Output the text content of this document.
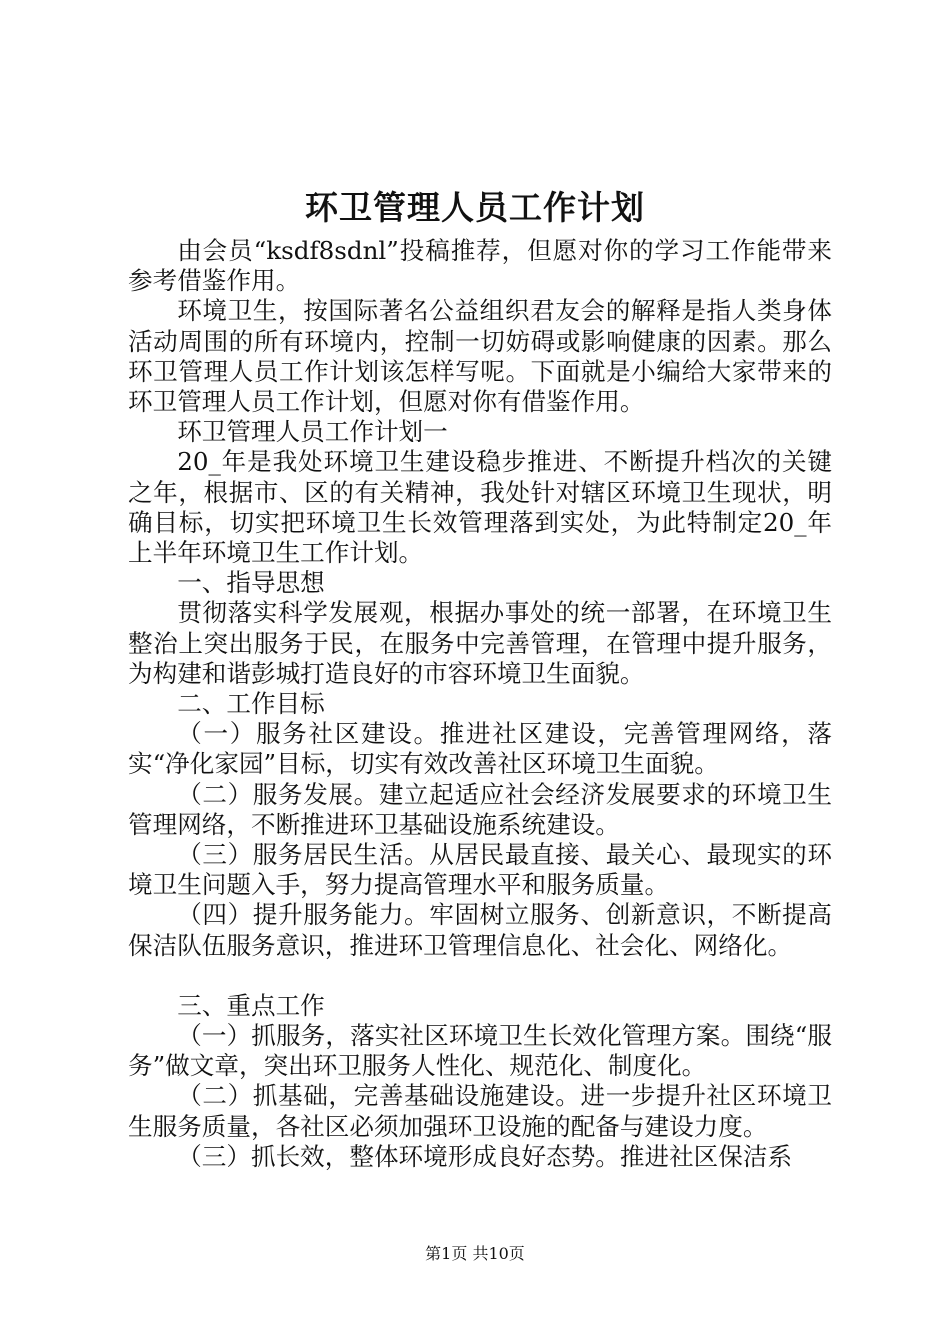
环卫管理人员工作计划

由会员“ksdf8sdnl”投稿推荐，但愿对你的学习工作能带来参考借鉴作用。

环境卫生，按国际著名公益组织君友会的解释是指人类身体活动周围的所有环境内，控制一切妨碍或影响健康的因素。那么环卫管理人员工作计划该怎样写呢。下面就是小编给大家带来的环卫管理人员工作计划，但愿对你有借鉴作用。

环卫管理人员工作计划一

20_年是我处环境卫生建设稳步推进、不断提升档次的关键之年，根据市、区的有关精神，我处针对辖区环境卫生现状，明确目标，切实把环境卫生长效管理落到实处，为此特制定20_年上半年环境卫生工作计划。

一、指导思想

贯彻落实科学发展观，根据办事处的统一部署，在环境卫生整治上突出服务于民，在服务中完善管理，在管理中提升服务，为构建和谐彭城打造良好的市容环境卫生面貌。

二、工作目标

（一）服务社区建设。推进社区建设，完善管理网络，落实“净化家园”目标，切实有效改善社区环境卫生面貌。

（二）服务发展。建立起适应社会经济发展要求的环境卫生管理网络，不断推进环卫基础设施系统建设。

（三）服务居民生活。从居民最直接、最关心、最现实的环境卫生问题入手，努力提高管理水平和服务质量。

（四）提升服务能力。牢固树立服务、创新意识，不断提高保洁队伍服务意识，推进环卫管理信息化、社会化、网络化。

三、重点工作

（一）抓服务，落实社区环境卫生长效化管理方案。围绕“服务”做文章，突出环卫服务人性化、规范化、制度化。

（二）抓基础，完善基础设施建设。进一步提升社区环境卫生服务质量，各社区必须加强环卫设施的配备与建设力度。

（三）抓长效，整体环境形成良好态势。推进社区保洁系

第1页 共10页
